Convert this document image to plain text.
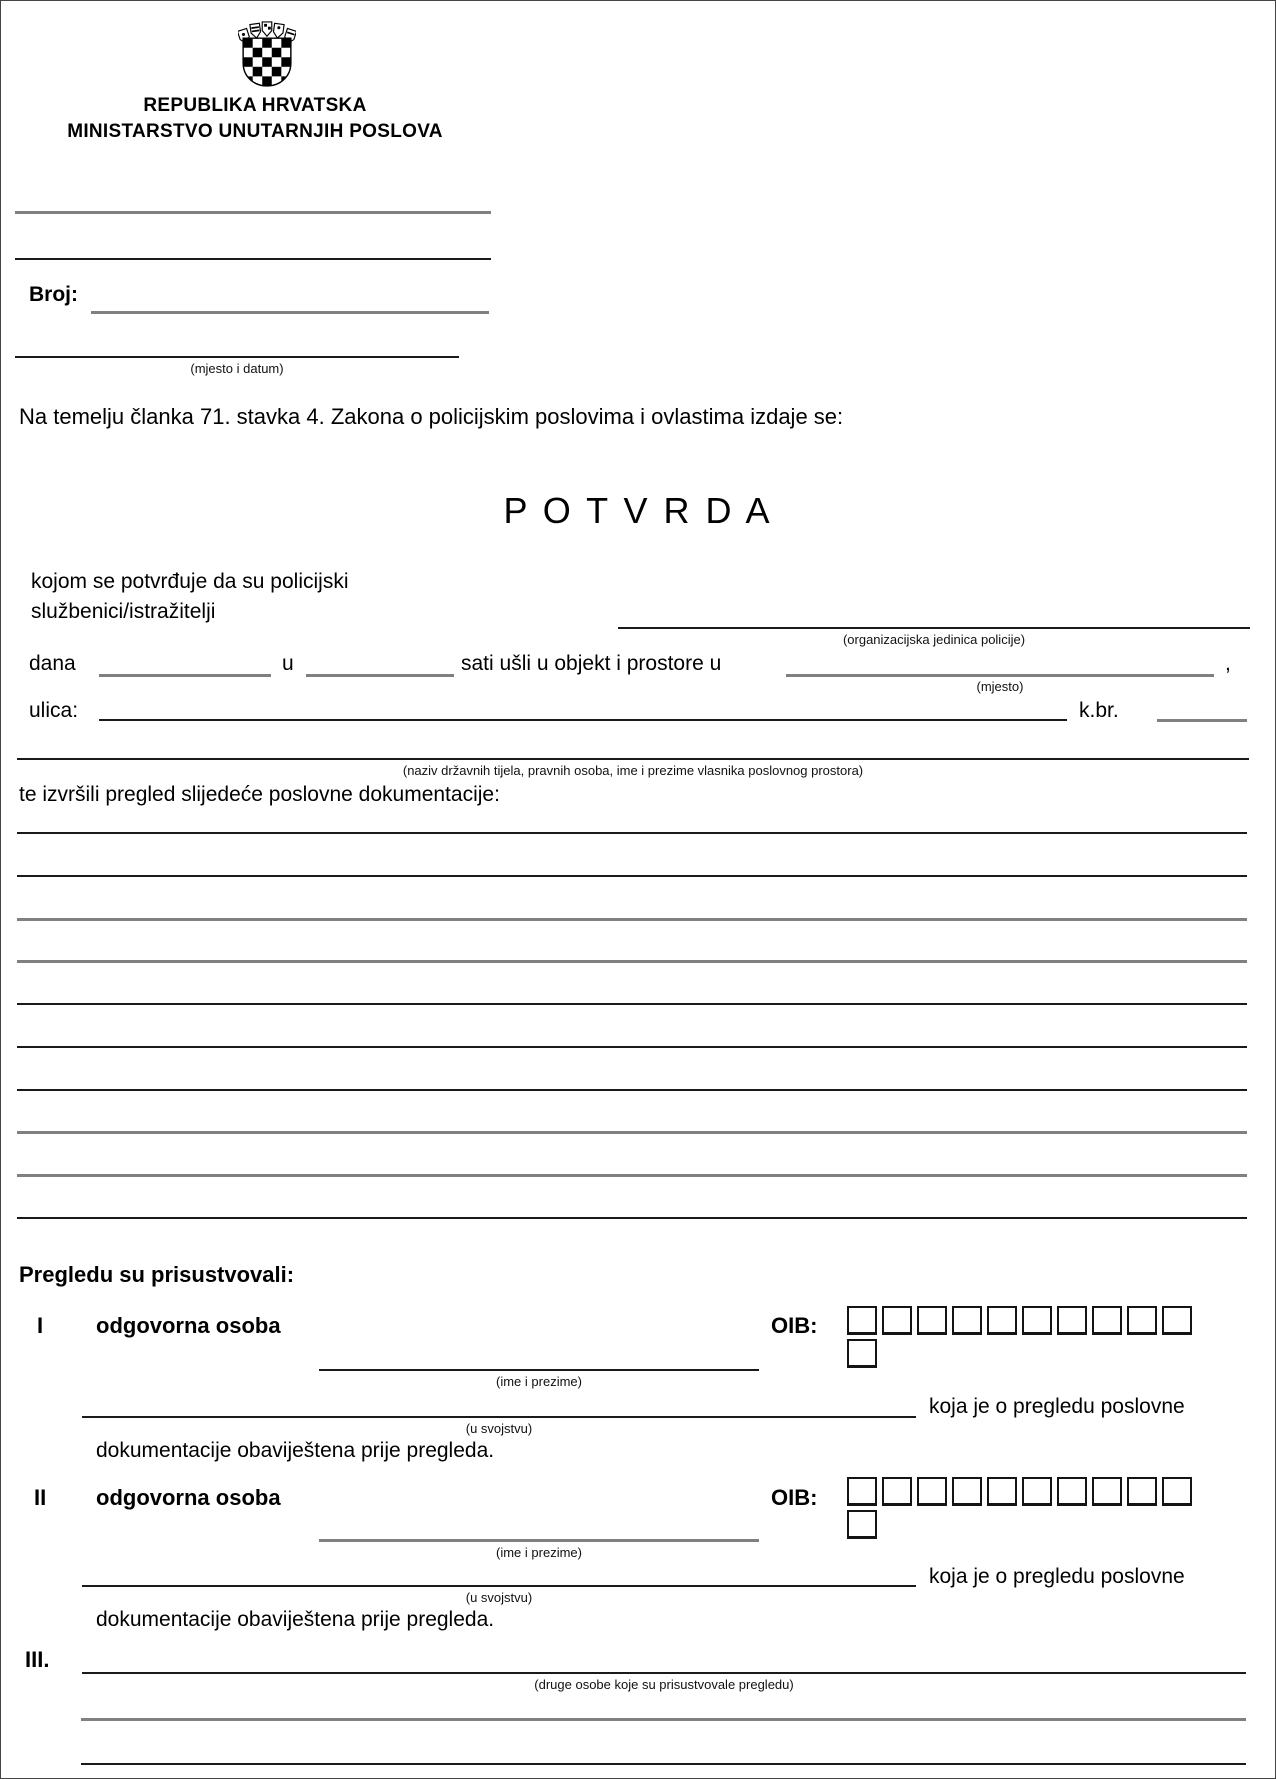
REPUBLIKA HRVATSKA
MINISTARSTVO UNUTARNJIH POSLOVA
Broj:
(mjesto i datum)
Na temelju članka 71. stavka 4. Zakona o policijskim poslovima i ovlastima izdaje se:
P O T V R D A
kojom se potvrđuje da su policijski
službenici/istražitelji
(organizacijska jedinica policije)
dana	u	sati ušli u objekt i prostore u	,
(mjesto)
ulica:	k.br.
(naziv državnih tijela, pravnih osoba, ime i prezime vlasnika poslovnog prostora)
te izvršili pregled slijedeće poslovne dokumentacije:
Pregledu su prisustvovali:
I odgovorna osoba	OIB:
(ime i prezime)
koja je o pregledu poslovne
(u svojstvu)
dokumentacije obaviještena prije pregleda.
II odgovorna osoba	OIB:
(ime i prezime)
koja je o pregledu poslovne
(u svojstvu)
dokumentacije obaviještena prije pregleda.
III.
(druge osobe koje su prisustvovale pregledu)
